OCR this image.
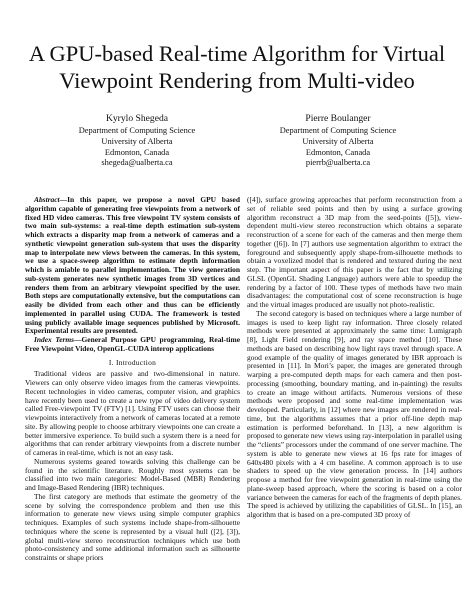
A GPU-based Real-time Algorithm for Virtual Viewpoint Rendering from Multi-video
Kyrylo Shegeda
Department of Computing Science
University of Alberta
Edmonton, Canada
shegeda@ualberta.ca
Pierre Boulanger
Department of Computing Science
University of Alberta
Edmonton, Canada
pierrb@ualberta.ca

Abstract—In this paper, we propose a novel GPU based algorithm capable of generating free viewpoints from a network of fixed HD video cameras. This free viewpoint TV system consists of two main sub-systems: a real-time depth estimation sub-system which extracts a disparity map from a network of cameras and a synthetic viewpoint generation sub-system that uses the disparity map to interpolate new views between the cameras. In this system, we use a space-sweep algorithm to estimate depth information which is amiable to parallel implementation. The view generation sub-system generates new synthetic images from 3D vertices and renders them from an arbitrary viewpoint specified by the user. Both steps are computationally extensive, but the computations can easily be divided from each other and thus can be efficiently implemented in parallel using CUDA. The framework is tested using publicly available image sequences published by Microsoft. Experimental results are presented.

Index Terms—General Purpose GPU programming, Real-time Free Viewpoint Video, OpenGL-CUDA interop applications

I. Introduction

Traditional videos are passive and two-dimensional in nature. Viewers can only observe video images from the cameras viewpoints. Recent technologies in video cameras, computer vision, and graphics have recently been used to create a new type of video delivery system called Free-viewpoint TV (FTV) [1]. Using FTV users can choose their viewpoints interactively from a network of cameras located at a remote site. By allowing people to choose arbitrary viewpoints one can create a better immersive experience. To build such a system there is a need for algorithms that can render arbitrary viewpoints from a discrete number of cameras in real-time, which is not an easy task.

Numerous systems geared towards solving this challenge can be found in the scientific literature. Roughly most systems can be classified into two main categories: Model-Based (MBR) Rendering and Image-Based Rendering (IBR) techniques.

The first category are methods that estimate the geometry of the scene by solving the correspondence problem and then use this information to generate new views using simple computer graphics techniques. Examples of such systems include shape-from-silhouette techniques where the scene is represented by a visual hull ([2], [3]), global multi-view stereo reconstruction techniques which use both photo-consistency and some additional information such as silhouette constraints or shape priors

([4]), surface growing approaches that perform reconstruction from a set of reliable seed points and then by using a surface growing algorithm reconstruct a 3D map from the seed-points ([5]), view-dependent multi-view stereo reconstruction which obtains a separate reconstruction of a scene for each of the cameras and then merge them together ([6]). In [7] authors use segmentation algorithm to extract the foreground and subsequently apply shape-from-silhouette methods to obtain a voxelized model that is rendered and textured during the next step. The important aspect of this paper is the fact that by utilizing GLSL (OpenGL Shading Language) authors were able to speedup the rendering by a factor of 100. These types of methods have two main disadvantages: the computational cost of scene reconstruction is huge and the virtual images produced are usually not photo-realistic.

The second category is based on techniques where a large number of images is used to keep light ray information. Three closely related methods were presented at approximately the same time: Lumigraph [8], Light Field rendering [9], and ray space method [10]. These methods are based on describing how light rays travel through space. A good example of the quality of images generated by IBR approach is presented in [11]. In Mori’s paper, the images are generated through warping a pre-computed depth maps for each camera and then post-processing (smoothing, boundary matting, and in-painting) the results to create an image without artifacts. Numerous versions of these methods were proposed and some real-time implementation was developed. Particularly, in [12] where new images are rendered in real-time, but the algorithms assumes that a prior off-line depth map estimation is performed beforehand. In [13], a new algorithm is proposed to generate new views using ray-interpolation in parallel using the “clients” processors under the command of one server machine. The system is able to generate new views at 16 fps rate for images of 640x480 pixels with a 4 cm baseline. A common approach is to use shaders to speed up the view generation process. In [14] authors propose a method for free viewpoint generation in real-time using the plane-sweep based approach, where the scoring is based on a color variance between the cameras for each of the fragments of depth planes. The speed is achieved by utilizing the capabilities of GLSL. In [15], an algorithm that is based on a pre-computed 3D proxy of
